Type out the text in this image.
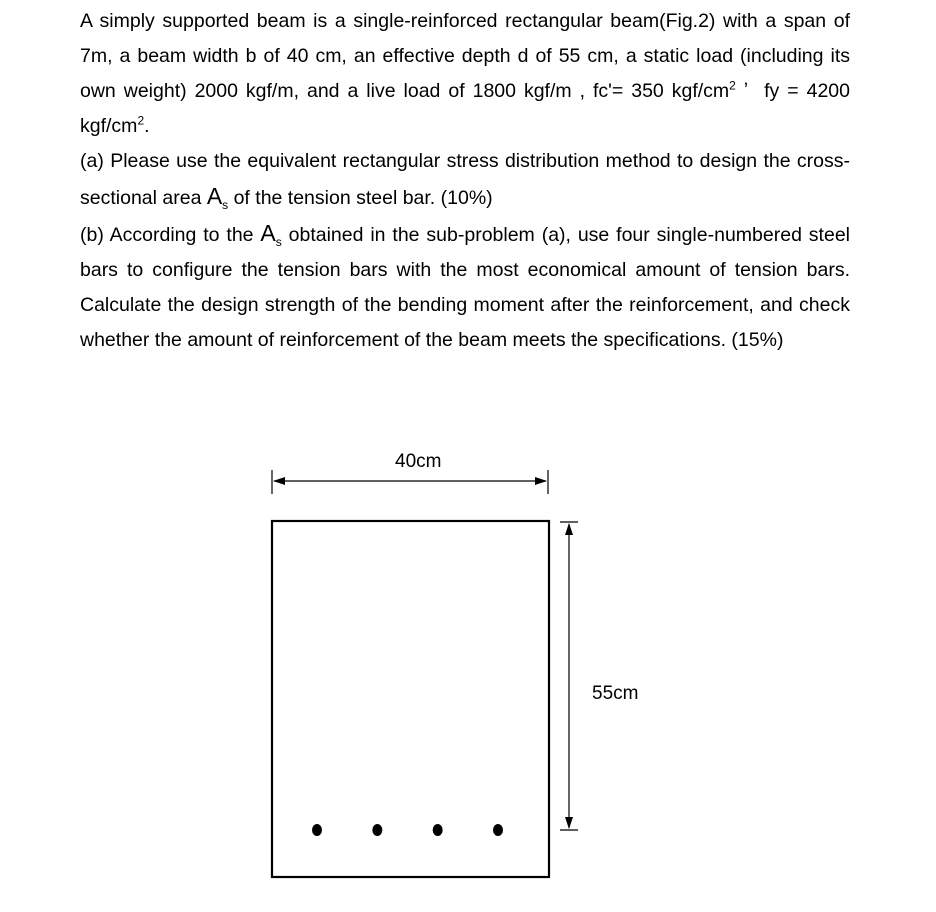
A simply supported beam is a single-reinforced rectangular beam(Fig.2) with a span of 7m, a beam width b of 40 cm, an effective depth d of 55 cm, a static load (including its own weight) 2000 kgf/m, and a live load of 1800 kgf/m , fc'= 350 kgf/$cm^2$ ʼ  fy = 4200 kgf/$cm^2$.

(a) Please use the equivalent rectangular stress distribution method to design the cross-sectional area $A_s$ of the tension steel bar. (10%)

(b) According to the $A_s$ obtained in the sub-problem (a), use four single-numbered steel bars to configure the tension bars with the most economical amount of tension bars. Calculate the design strength of the bending moment after the reinforcement, and check whether the amount of reinforcement of the beam meets the specifications. (15%)

40cm
55cm
